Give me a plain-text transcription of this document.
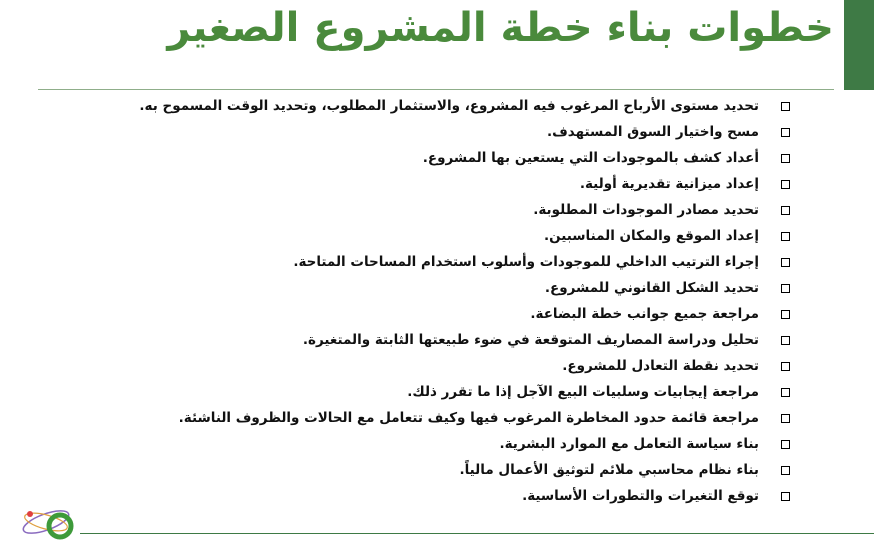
خطوات بناء خطة المشروع الصغير
تحديد مستوى الأرباح المرغوب فيه المشروع، والاستثمار المطلوب، وتحديد الوقت المسموح به.
مسح واختيار السوق المستهدف.
أعداد كشف بالموجودات التي يستعين بها المشروع.
إعداد ميزانية تقديرية أولية.
تحديد مصادر الموجودات المطلوبة.
إعداد الموقع والمكان المناسبين.
إجراء الترتيب الداخلي للموجودات وأسلوب استخدام المساحات المتاحة.
تحديد الشكل القانوني للمشروع.
مراجعة جميع جوانب خطة البضاعة.
تحليل ودراسة المصاريف المتوقعة في ضوء طبيعتها الثابتة والمتغيرة.
تحديد نقطة التعادل للمشروع.
مراجعة إيجابيات وسلبيات البيع الآجل إذا ما تقرر ذلك.
مراجعة قائمة حدود المخاطرة المرغوب فيها وكيف تتعامل مع الحالات والظروف الناشئة.
بناء سياسة التعامل مع الموارد البشرية.
بناء نظام محاسبي ملائم لتوثيق الأعمال مالياً.
توقع التغيرات والتطورات الأساسية.
